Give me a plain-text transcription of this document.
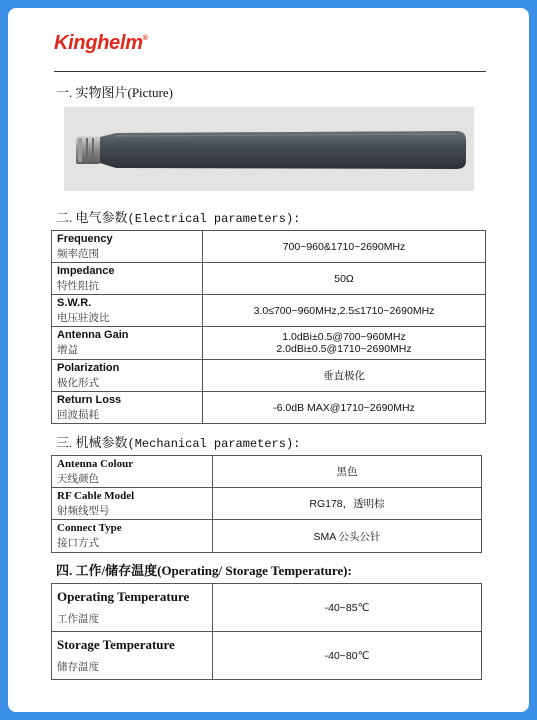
Kinghelm®
一. 实物图片(Picture)
二. 电气参数(Electrical parameters):
Frequency
频率范围	700~960&1710~2690MHz

Impedance
特性阻抗	50Ω

S.W.R.
电压驻波比	3.0≤700~960MHz,2.5≤1710~2690MHz

Antenna Gain
增益	1.0dBi±0.5@700~960MHz
2.0dBi±0.5@1710~2690MHz

Polarization
极化形式	垂直极化

Return Loss
回波损耗	-6.0dB MAX@1710~2690MHz
三. 机械参数(Mechanical parameters):
Antenna Colour
天线颜色	黑色

RF Cable Model
射频线型号	RG178，透明棕

Connect Type
接口方式	SMA 公头公针
四. 工作/储存温度(Operating/ Storage Temperature):
Operating Temperature
工作温度	-40~85℃

Storage Temperature
储存温度	-40~80℃
